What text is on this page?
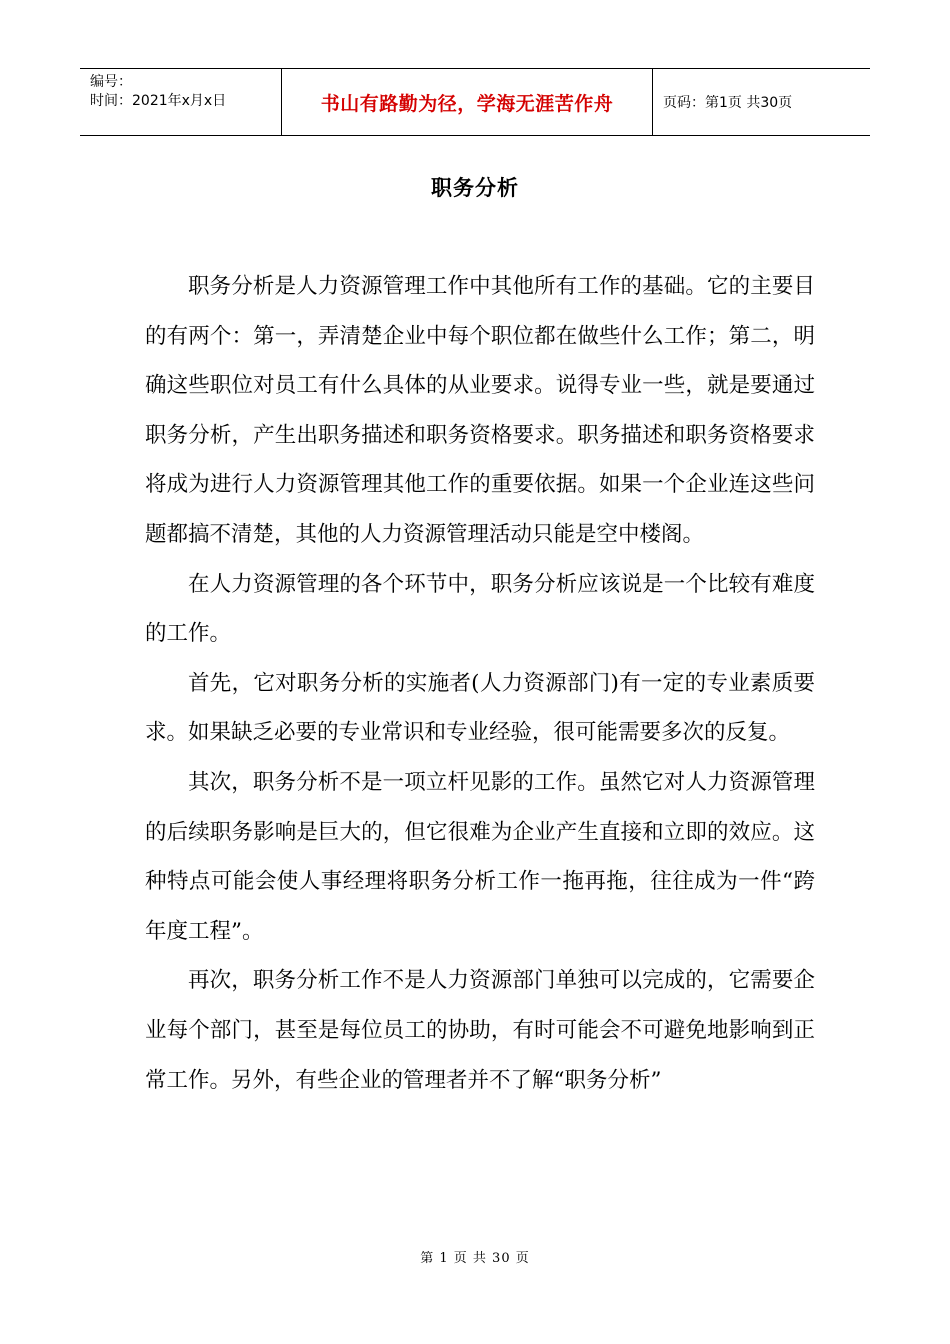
编号：
时间：2021年x月x日	书山有路勤为径，学海无涯苦作舟	页码：第1页 共30页
职务分析

职务分析是人力资源管理工作中其他所有工作的基础。它的主要目的有两个：第一，弄清楚企业中每个职位都在做些什么工作；第二，明确这些职位对员工有什么具体的从业要求。说得专业一些，就是要通过职务分析，产生出职务描述和职务资格要求。职务描述和职务资格要求将成为进行人力资源管理其他工作的重要依据。如果一个企业连这些问题都搞不清楚，其他的人力资源管理活动只能是空中楼阁。

在人力资源管理的各个环节中，职务分析应该说是一个比较有难度的工作。

首先，它对职务分析的实施者(人力资源部门)有一定的专业素质要求。如果缺乏必要的专业常识和专业经验，很可能需要多次的反复。

其次，职务分析不是一项立杆见影的工作。虽然它对人力资源管理的后续职务影响是巨大的，但它很难为企业产生直接和立即的效应。这种特点可能会使人事经理将职务分析工作一拖再拖，往往成为一件“跨年度工程”。

再次，职务分析工作不是人力资源部门单独可以完成的，它需要企业每个部门，甚至是每位员工的协助，有时可能会不可避免地影响到正常工作。另外，有些企业的管理者并不了解“职务分析”

第 1 页 共 30 页
